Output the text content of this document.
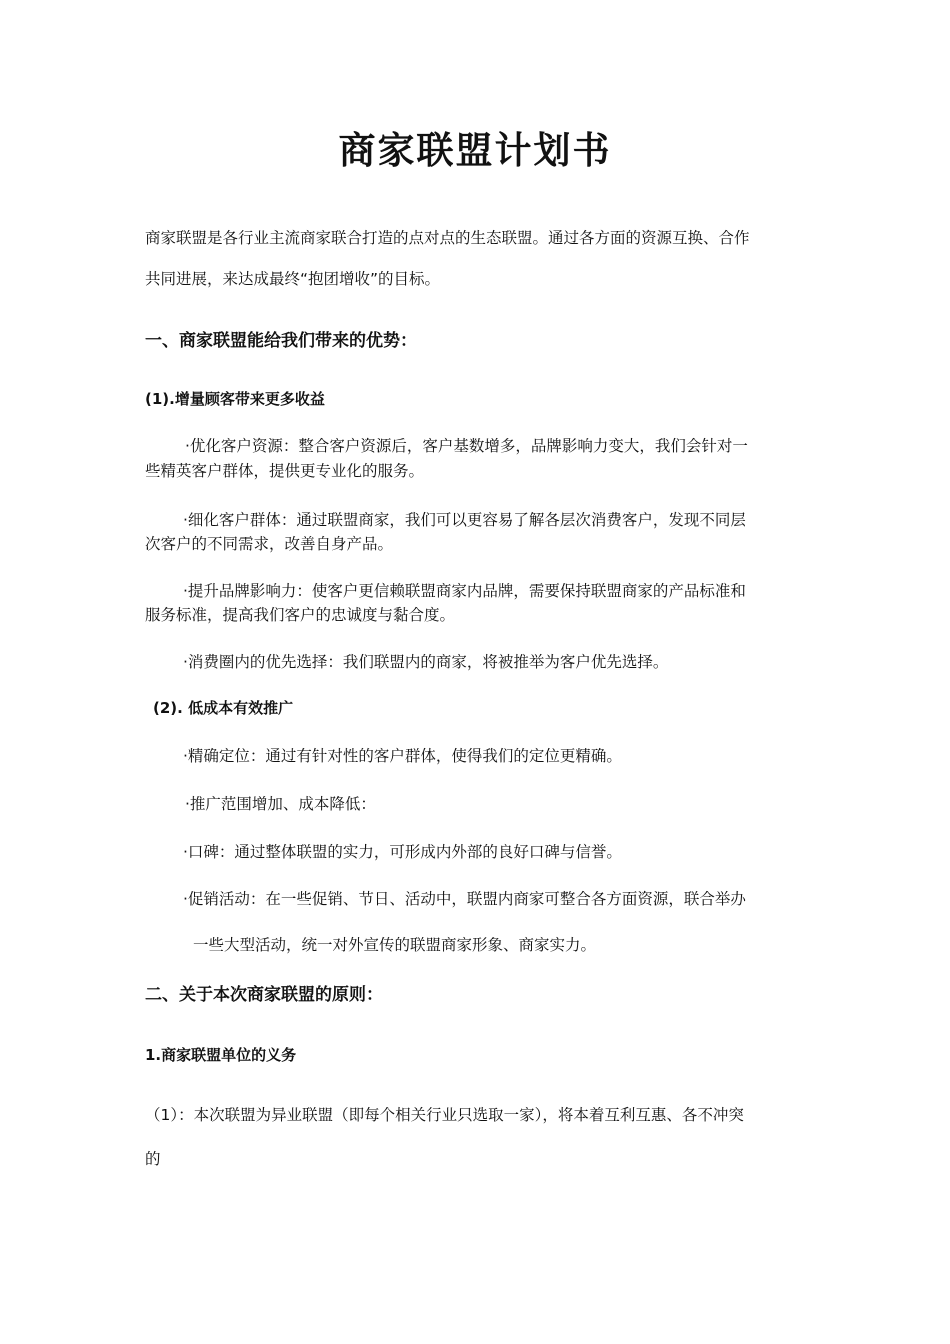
商家联盟计划书
商家联盟是各行业主流商家联合打造的点对点的生态联盟。通过各方面的资源互换、合作
共同进展，来达成最终“抱团增收”的目标。
一、商家联盟能给我们带来的优势：
(1).增量顾客带来更多收益
·优化客户资源：整合客户资源后，客户基数增多，品牌影响力变大，我们会针对一
些精英客户群体，提供更专业化的服务。
·细化客户群体：通过联盟商家，我们可以更容易了解各层次消费客户，发现不同层
次客户的不同需求，改善自身产品。
·提升品牌影响力：使客户更信赖联盟商家内品牌，需要保持联盟商家的产品标准和
服务标准，提高我们客户的忠诚度与黏合度。
·消费圈内的优先选择：我们联盟内的商家，将被推举为客户优先选择。
(2). 低成本有效推广
·精确定位：通过有针对性的客户群体，使得我们的定位更精确。
·推广范围增加、成本降低：
·口碑：通过整体联盟的实力，可形成内外部的良好口碑与信誉。
·促销活动：在一些促销、节日、活动中，联盟内商家可整合各方面资源，联合举办
一些大型活动，统一对外宣传的联盟商家形象、商家实力。
二、关于本次商家联盟的原则：
1.商家联盟单位的义务
（1）：本次联盟为异业联盟（即每个相关行业只选取一家），将本着互利互惠、各不冲突
的
